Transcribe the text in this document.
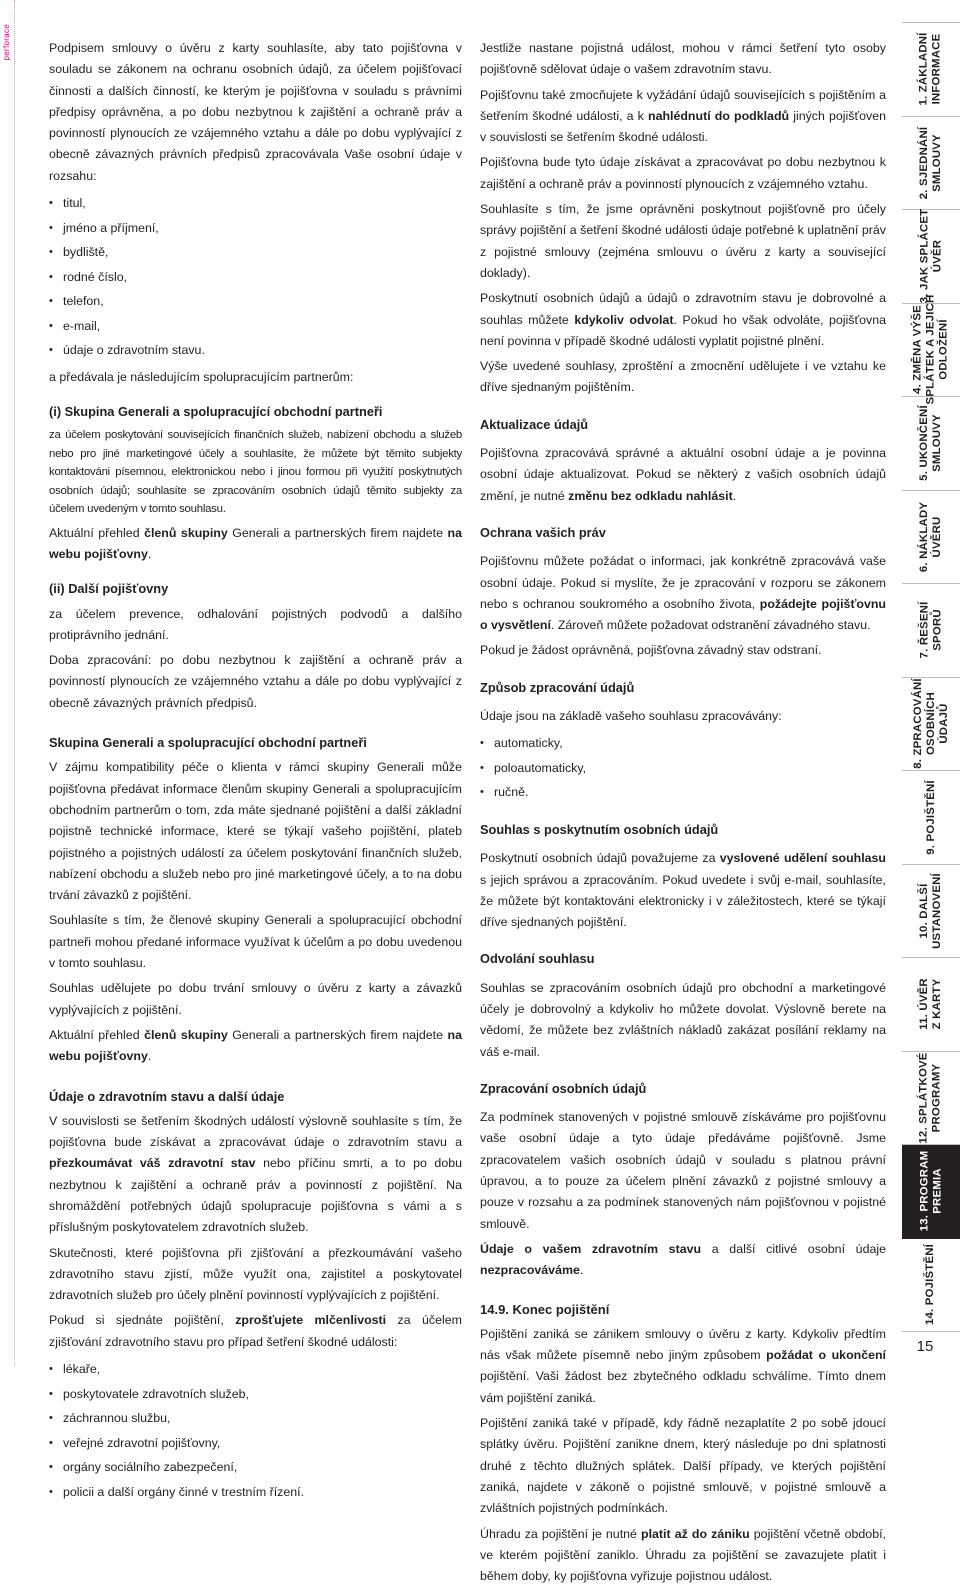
perforace	Podpisem smlouvy o úvěru z karty souhlasíte, aby tato pojišťovna v souladu se zákonem na ochranu osobních údajů, za účelem pojišťovací činnosti a dalších činností, ke kterým je pojišťovna v souladu s právními předpisy oprávněna, a po dobu nezbytnou k zajištění a ochraně práv a povinností plynoucích ze vzájemného vztahu a dále po dobu vyplývající z obecně závazných právních předpisů zpracovávala Vaše osobní údaje v rozsahu:

• titul,
• jméno a příjmení,
• bydliště,
• rodné číslo,
• telefon,
• e-mail,
• údaje o zdravotním stavu.

a předávala je následujícím spolupracujícím partnerům:

(i) Skupina Generali a spolupracující obchodní partneři

za účelem poskytování souvisejících finančních služeb, nabízení obchodu a služeb nebo pro jiné marketingové účely a souhlasíte, že můžete být těmito subjekty kontaktováni písemnou, elektronickou nebo i jinou formou při využití poskytnutých osobních údajů; souhlasíte se zpracováním osobních údajů těmito subjekty za účelem uvedeným v tomto souhlasu.

Aktuální přehled členů skupiny Generali a partnerských firem najdete na webu pojišťovny.

(ii) Další pojišťovny

za účelem prevence, odhalování pojistných podvodů a dalšího protiprávního jednání.

Doba zpracování: po dobu nezbytnou k zajištění a ochraně práv a povinností plynoucích ze vzájemného vztahu a dále po dobu vyplývající z obecně závazných právních předpisů.

Skupina Generali a spolupracující obchodní partneři

V zájmu kompatibility péče o klienta v rámci skupiny Generali může pojišťovna předávat informace členům skupiny Generali a spolupracujícím obchodním partnerům o tom, zda máte sjednané pojištění a další základní pojistně technické informace, které se týkají vašeho pojištění, plateb pojistného a pojistných událostí za účelem poskytování finančních služeb, nabízení obchodu a služeb nebo pro jiné marketingové účely, a to na dobu trvání závazků z pojištění.

Souhlasíte s tím, že členové skupiny Generali a spolupracující obchodní partneři mohou předané informace využívat k účelům a po dobu uvedenou v tomto souhlasu.

Souhlas udělujete po dobu trvání smlouvy o úvěru z karty a závazků vyplývajících z pojištění.

Aktuální přehled členů skupiny Generali a partnerských firem najdete na webu pojišťovny.

Údaje o zdravotním stavu a další údaje

V souvislosti se šetřením škodných událostí výslovně souhlasíte s tím, že pojišťovna bude získávat a zpracovávat údaje o zdravotním stavu a přezkoumávat váš zdravotní stav nebo příčinu smrti, a to po dobu nezbytnou k zajištění a ochraně práv a povinností z pojištění. Na shromáždění potřebných údajů spolupracuje pojišťovna s vámi a s příslušným poskytovatelem zdravotních služeb.

Skutečnosti, které pojišťovna při zjišťování a přezkoumávání vašeho zdravotního stavu zjistí, může využít ona, zajistitel a poskytovatel zdravotních služeb pro účely plnění povinností vyplývajících z pojištění.

Pokud si sjednáte pojištění, zprošťujete mlčenlivosti za účelem zjišťování zdravotního stavu pro případ šetření škodné události:

• lékaře,
• poskytovatele zdravotních služeb,
• záchrannou službu,
• veřejné zdravotní pojišťovny,
• orgány sociálního zabezpečení,
• policii a další orgány činné v trestním řízení.

Jestliže nastane pojistná událost, mohou v rámci šetření tyto osoby pojišťovně sdělovat údaje o vašem zdravotním stavu.

Pojišťovnu také zmocňujete k vyžádání údajů souvisejících s pojištěním a šetřením škodné události, a k nahlédnutí do podkladů jiných pojišťoven v souvislosti se šetřením škodné události.

Pojišťovna bude tyto údaje získávat a zpracovávat po dobu nezbytnou k zajištění a ochraně práv a povinností plynoucích z vzájemného vztahu.

Souhlasíte s tím, že jsme oprávněni poskytnout pojišťovně pro účely správy pojištění a šetření škodné události údaje potřebné k uplatnění práv z pojistné smlouvy (zejména smlouvu o úvěru z karty a související doklady).

Poskytnutí osobních údajů a údajů o zdravotním stavu je dobrovolné a souhlas můžete kdykoliv odvolat. Pokud ho však odvoláte, pojišťovna není povinna v případě škodné události vyplatit pojistné plnění.

Výše uvedené souhlasy, zproštění a zmocnění udělujete i ve vztahu ke dříve sjednaným pojištěním.

Aktualizace údajů

Pojišťovna zpracovává správné a aktuální osobní údaje a je povinna osobní údaje aktualizovat. Pokud se některý z vašich osobních údajů změní, je nutné změnu bez odkladu nahlásit.

Ochrana vašich práv

Pojišťovnu můžete požádat o informaci, jak konkrétně zpracovává vaše osobní údaje. Pokud si myslíte, že je zpracování v rozporu se zákonem nebo s ochranou soukromého a osobního života, požádejte pojišťovnu o vysvětlení. Zároveň můžete požadovat odstranění závadného stavu.

Pokud je žádost oprávněná, pojišťovna závadný stav odstraní.

Způsob zpracování údajů

Údaje jsou na základě vašeho souhlasu zpracovávány:

• automaticky,
• poloautomaticky,
• ručně.
Souhlas s poskytnutím osobních údajů

Poskytnutí osobních údajů považujeme za vyslovené udělení souhlasu s jejich správou a zpracováním. Pokud uvedete i svůj e-mail, souhlasíte, že můžete být kontaktováni elektronicky i v záležitostech, které se týkají dříve sjednaných pojištění.

Odvolání souhlasu

Souhlas se zpracováním osobních údajů pro obchodní a marketingové účely je dobrovolný a kdykoliv ho můžete dovolat. Výslovně berete na vědomí, že můžete bez zvláštních nákladů zakázat posílání reklamy na váš e-mail.

Zpracování osobních údajů

Za podmínek stanovených v pojistné smlouvě získáváme pro pojišťovnu vaše osobní údaje a tyto údaje předáváme pojišťovně. Jsme zpracovatelem vašich osobních údajů v souladu s platnou právní úpravou, a to pouze za účelem plnění závazků z pojistné smlouvy a pouze v rozsahu a za podmínek stanovených nám pojišťovnou v pojistné smlouvě.

Údaje o vašem zdravotním stavu a další citlivé osobní údaje nezpracováváme.

14.9. Konec pojištění

Pojištění zaniká se zánikem smlouvy o úvěru z karty. Kdykoliv předtím nás však můžete písemně nebo jiným způsobem požádat o ukončení pojištění. Vaši žádost bez zbytečného odkladu schválíme. Tímto dnem vám pojištění zaniká.

Pojištění zaniká také v případě, kdy řádně nezaplatíte 2 po sobě jdoucí splátky úvěru. Pojištění zanikne dnem, který následuje po dni splatnosti druhé z těchto dlužných splátek. Další případy, ve kterých pojištění zaniká, najdete v zákoně o pojistné smlouvě, v pojistné smlouvě a zvláštních pojistných podmínkách.

Úhradu za pojištění je nutné platit až do zániku pojištění včetně období, ve kterém pojištění zaniklo. Úhradu za pojištění se zavazujete platit i během doby, ky pojišťovna vyřizuje pojistnou událost.

1. ZÁKLADNÍ
INFORMACE
2. SJEDNÁNÍ
SMLOUVY
3. JAK SPLÁCET
ÚVĚR
4. ZMĚNA VÝŠE
SPLÁTEK A JEJICH
ODLOŽENÍ
5. UKONČENÍ
SMLOUVY
6. NÁKLADY
ÚVĚRU
7. ŘEŠENÍ
SPORŮ
8. ZPRACOVÁNÍ
OSOBNÍCH
ÚDAJŮ
9. POJIŠTĚNÍ
10. DALŠÍ
USTANOVENÍ
11. ÚVĚR
Z KARTY
12. SPLÁTKOVÉ
PROGRAMY
13. PROGRAM
PREMIA
14. POJIŠTĚNÍ
15
